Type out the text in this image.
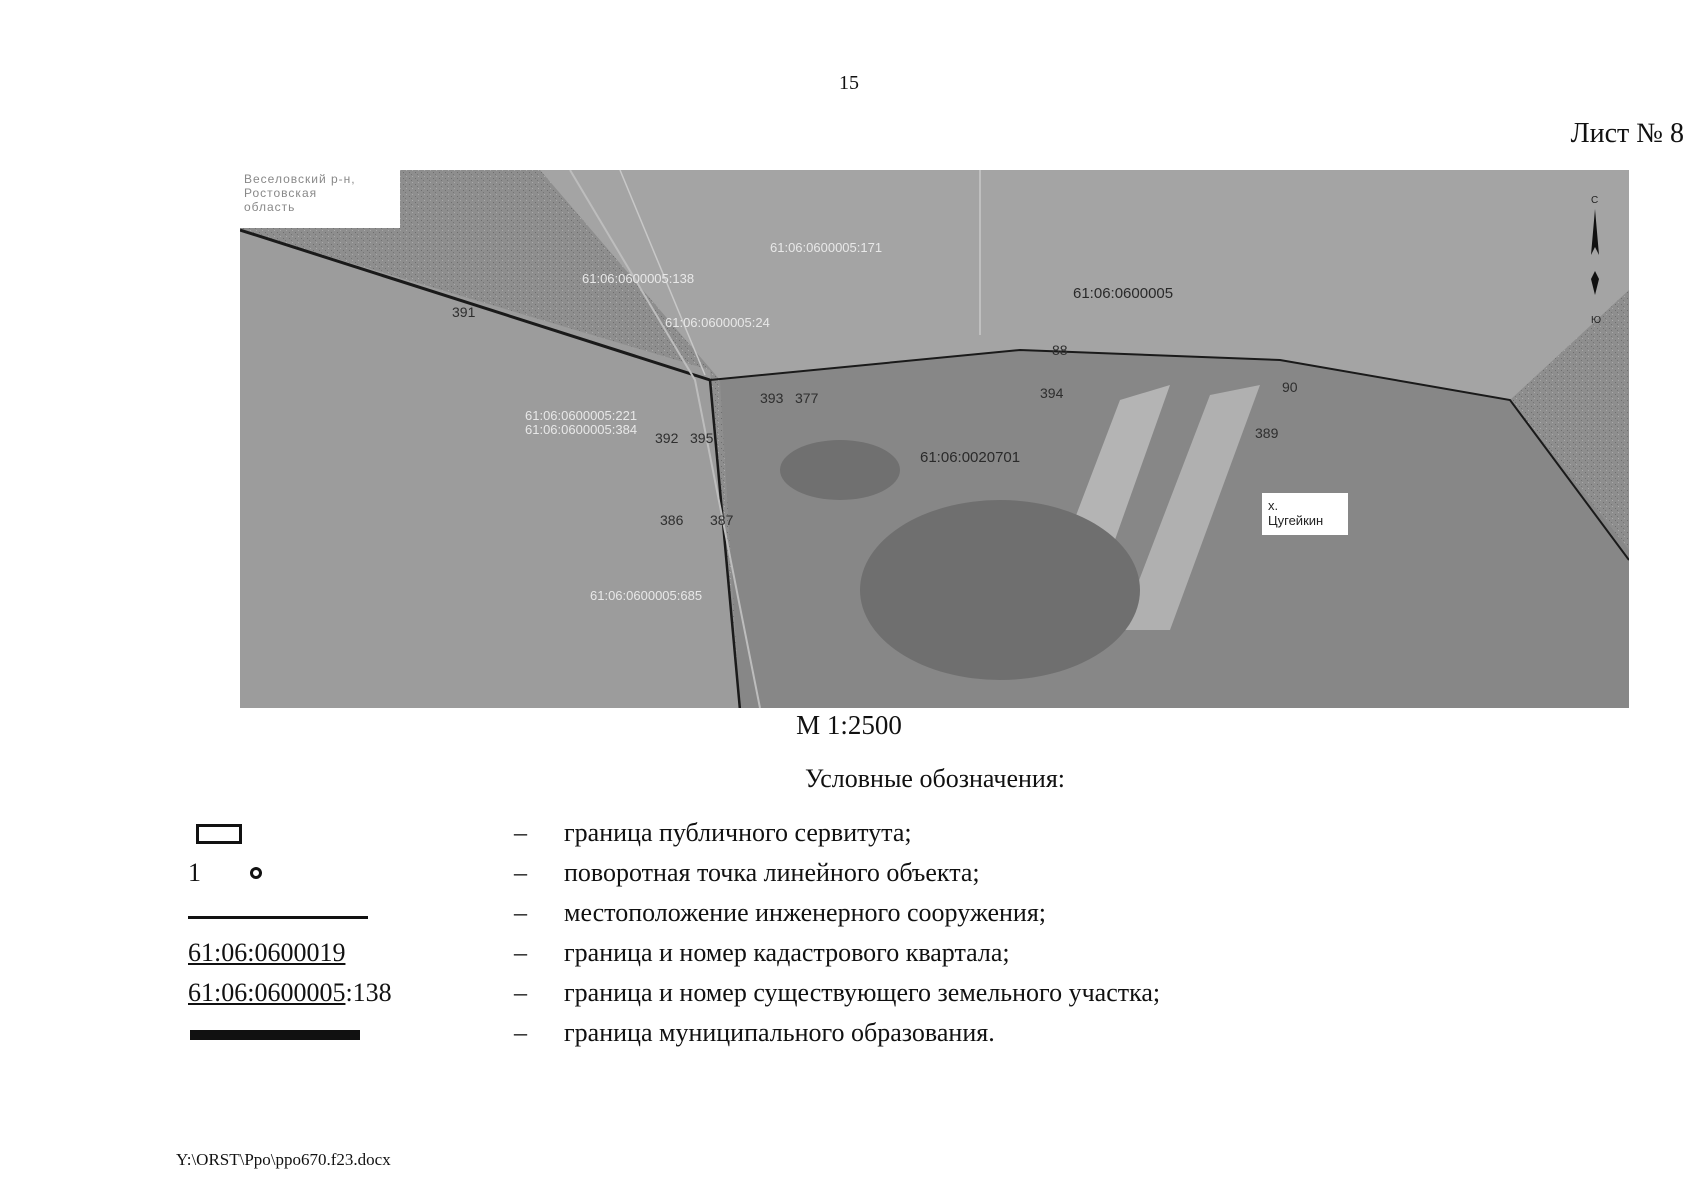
15
Лист № 8
61:06:0600005:138
61:06:0600005:24
61:06:0600005:221
61:06:0600005:384
61:06:0600005:685
61:06:0600005:171
61:06:0600005
61:06:0020701
391
392
393	394
395
386 387
389
90
88
377
С
Ю
Веселовский р-н,
Ростовская
область
х.
Цугейкин
М 1:2500
Условные обозначения:
– граница публичного сервитута;
1	– поворотная точка линейного объекта;
– местоположение инженерного сооружения;
61:06:0600019	– граница и номер кадастрового квартала;
61:06:0600005:138	– граница и номер существующего земельного участка;
– граница муниципального образования.
Y:\ORST\Ppo\ppo670.f23.docx
